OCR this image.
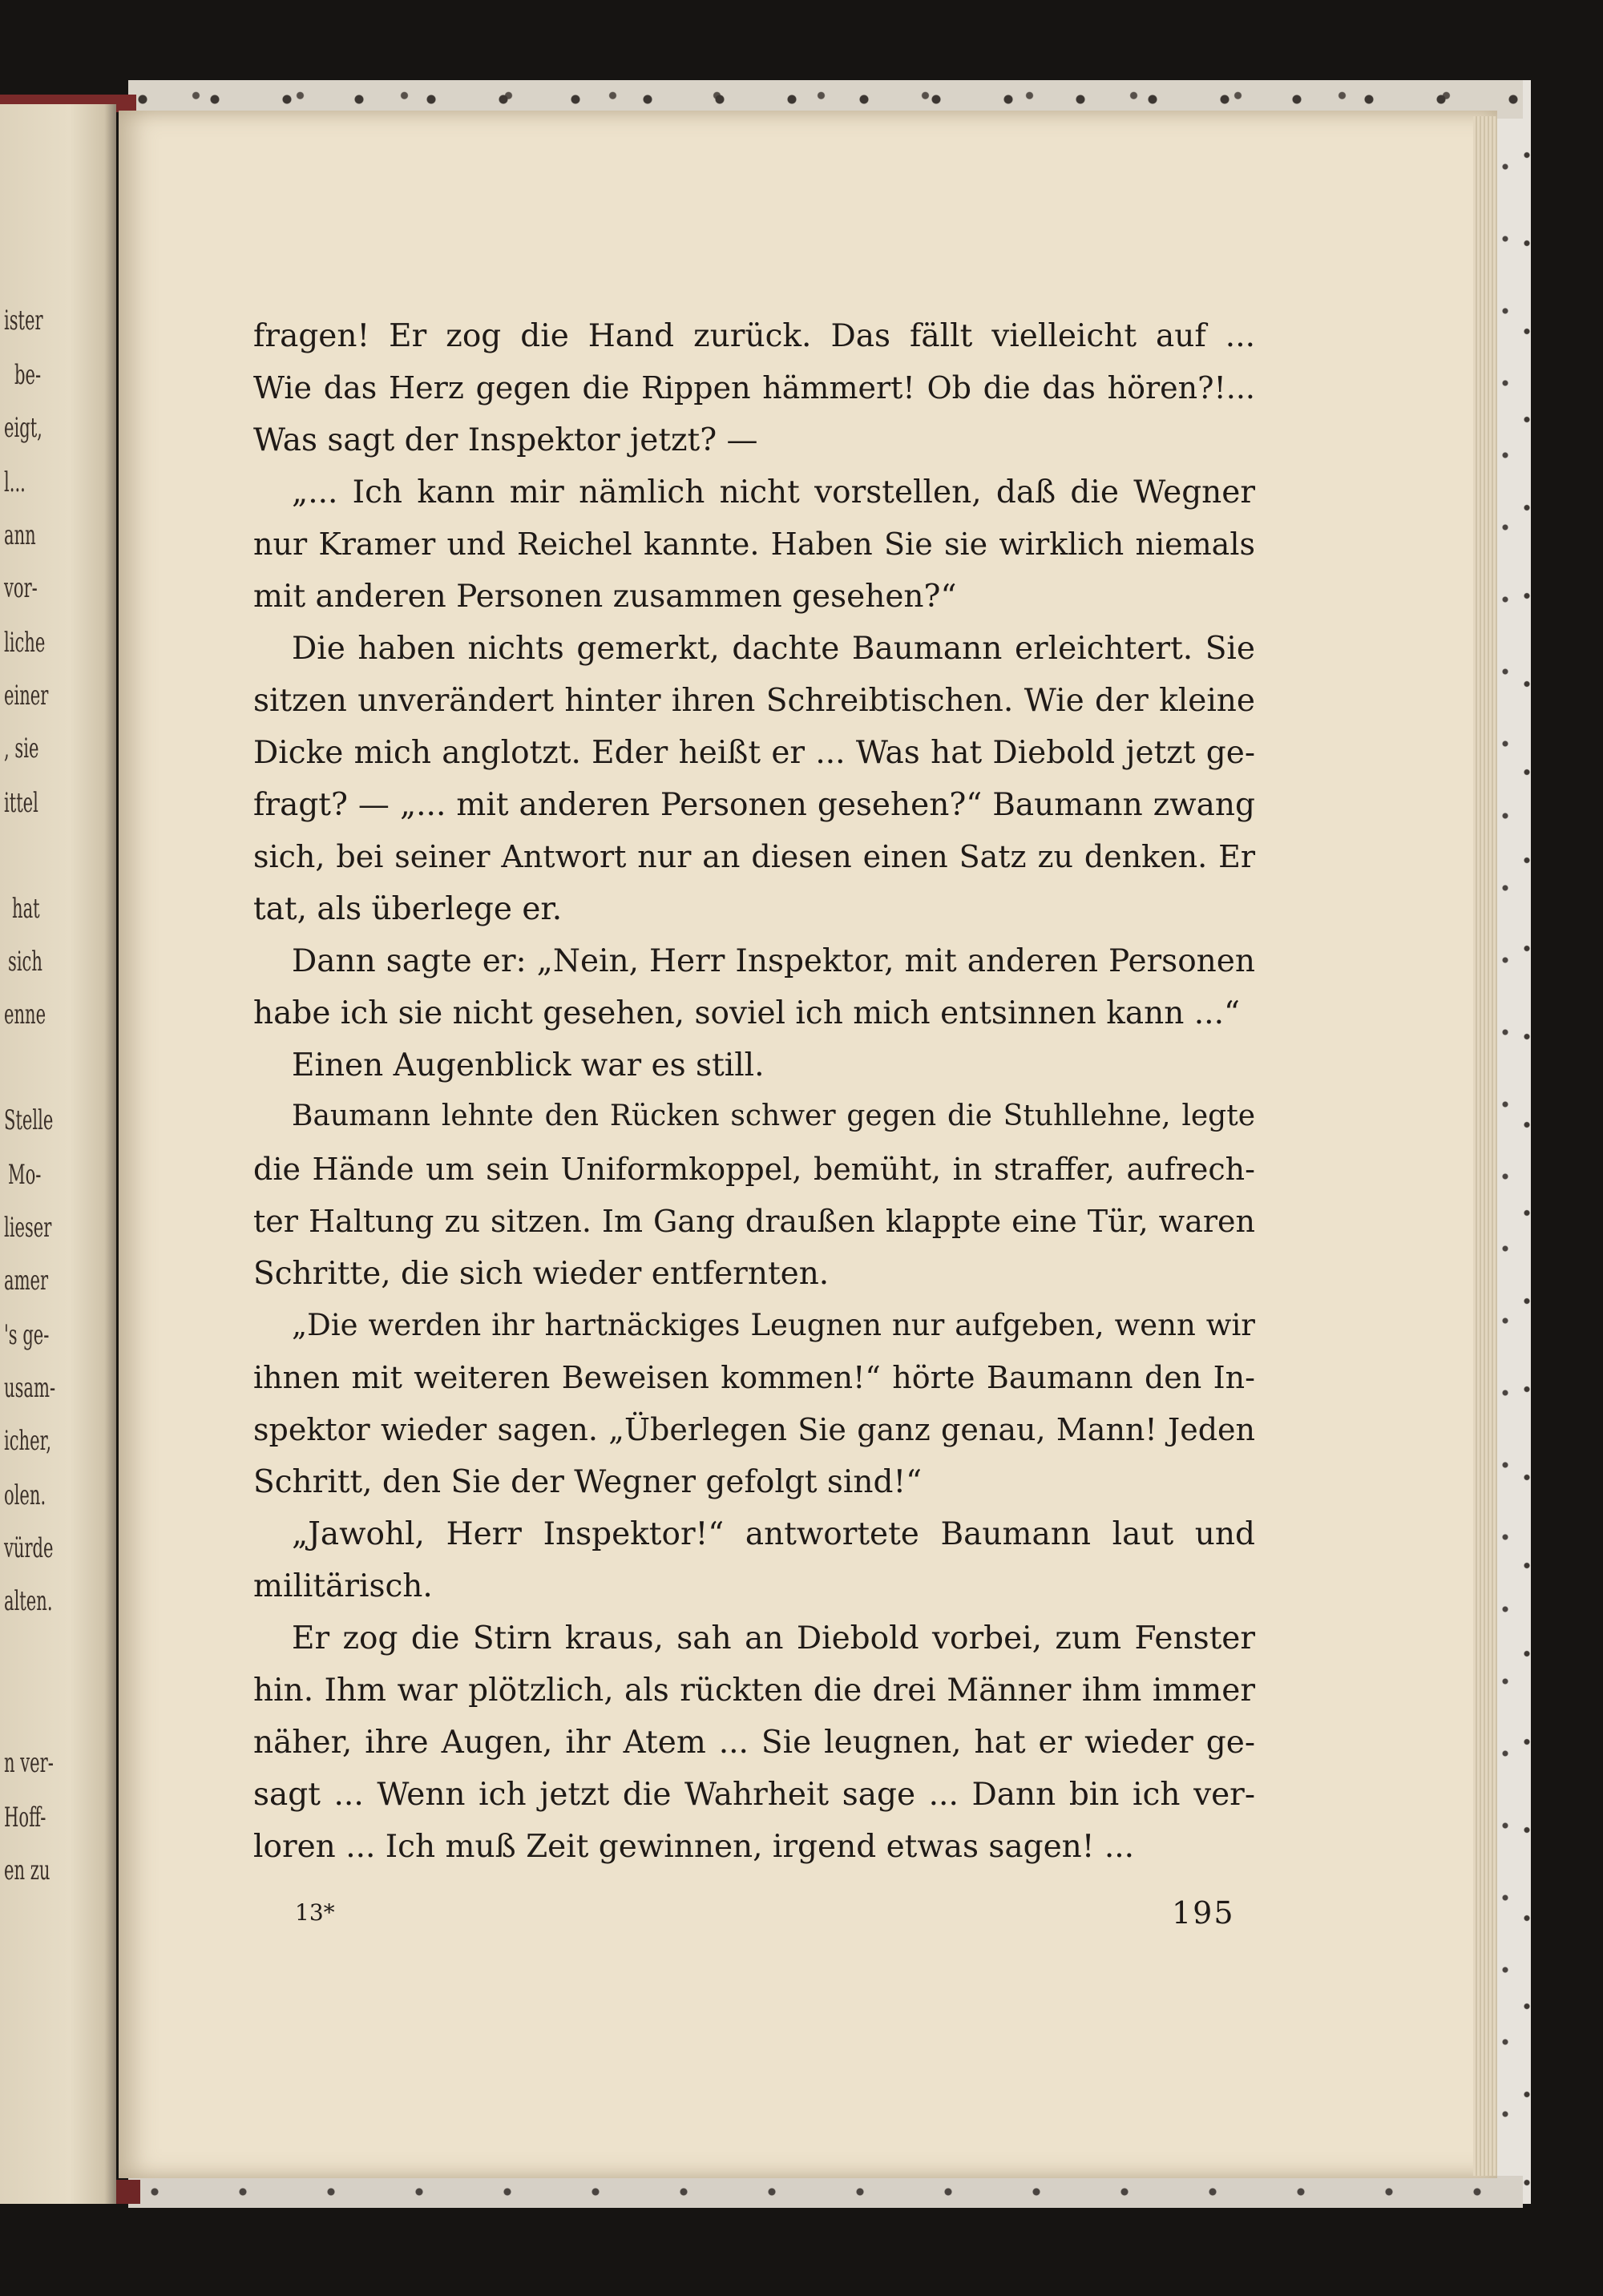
ister
be-
eigt,
l...
ann
vor-
liche
einer
, sie
ittel
hat
sich
enne
Stelle
Mo-
lieser
amer
's ge-
usam-
icher,
olen.
vürde
alten.
n ver-
Hoff-
en zu
fragen! Er zog die Hand zurück. Das fällt vielleicht auf ...
Wie das Herz gegen die Rippen hämmert! Ob die das hören?!...
Was sagt der Inspektor jetzt? —
„... Ich kann mir nämlich nicht vorstellen, daß die Wegner
nur Kramer und Reichel kannte. Haben Sie sie wirklich niemals
mit anderen Personen zusammen gesehen?“
Die haben nichts gemerkt, dachte Baumann erleichtert. Sie
sitzen unverändert hinter ihren Schreibtischen. Wie der kleine
Dicke mich anglotzt. Eder heißt er ... Was hat Diebold jetzt ge-
fragt? — „... mit anderen Personen gesehen?“ Baumann zwang
sich, bei seiner Antwort nur an diesen einen Satz zu denken. Er
tat, als überlege er.
Dann sagte er: „Nein, Herr Inspektor, mit anderen Personen
habe ich sie nicht gesehen, soviel ich mich entsinnen kann ...“
Einen Augenblick war es still.
Baumann lehnte den Rücken schwer gegen die Stuhllehne, legte
die Hände um sein Uniformkoppel, bemüht, in straffer, aufrech-
ter Haltung zu sitzen. Im Gang draußen klappte eine Tür, waren
Schritte, die sich wieder entfernten.
„Die werden ihr hartnäckiges Leugnen nur aufgeben, wenn wir
ihnen mit weiteren Beweisen kommen!“ hörte Baumann den In-
spektor wieder sagen. „Überlegen Sie ganz genau, Mann! Jeden
Schritt, den Sie der Wegner gefolgt sind!“
„Jawohl, Herr Inspektor!“ antwortete Baumann laut und
militärisch.
Er zog die Stirn kraus, sah an Diebold vorbei, zum Fenster
hin. Ihm war plötzlich, als rückten die drei Männer ihm immer
näher, ihre Augen, ihr Atem ... Sie leugnen, hat er wieder ge-
sagt ... Wenn ich jetzt die Wahrheit sage ... Dann bin ich ver-
loren ... Ich muß Zeit gewinnen, irgend etwas sagen! ...
13*	195
